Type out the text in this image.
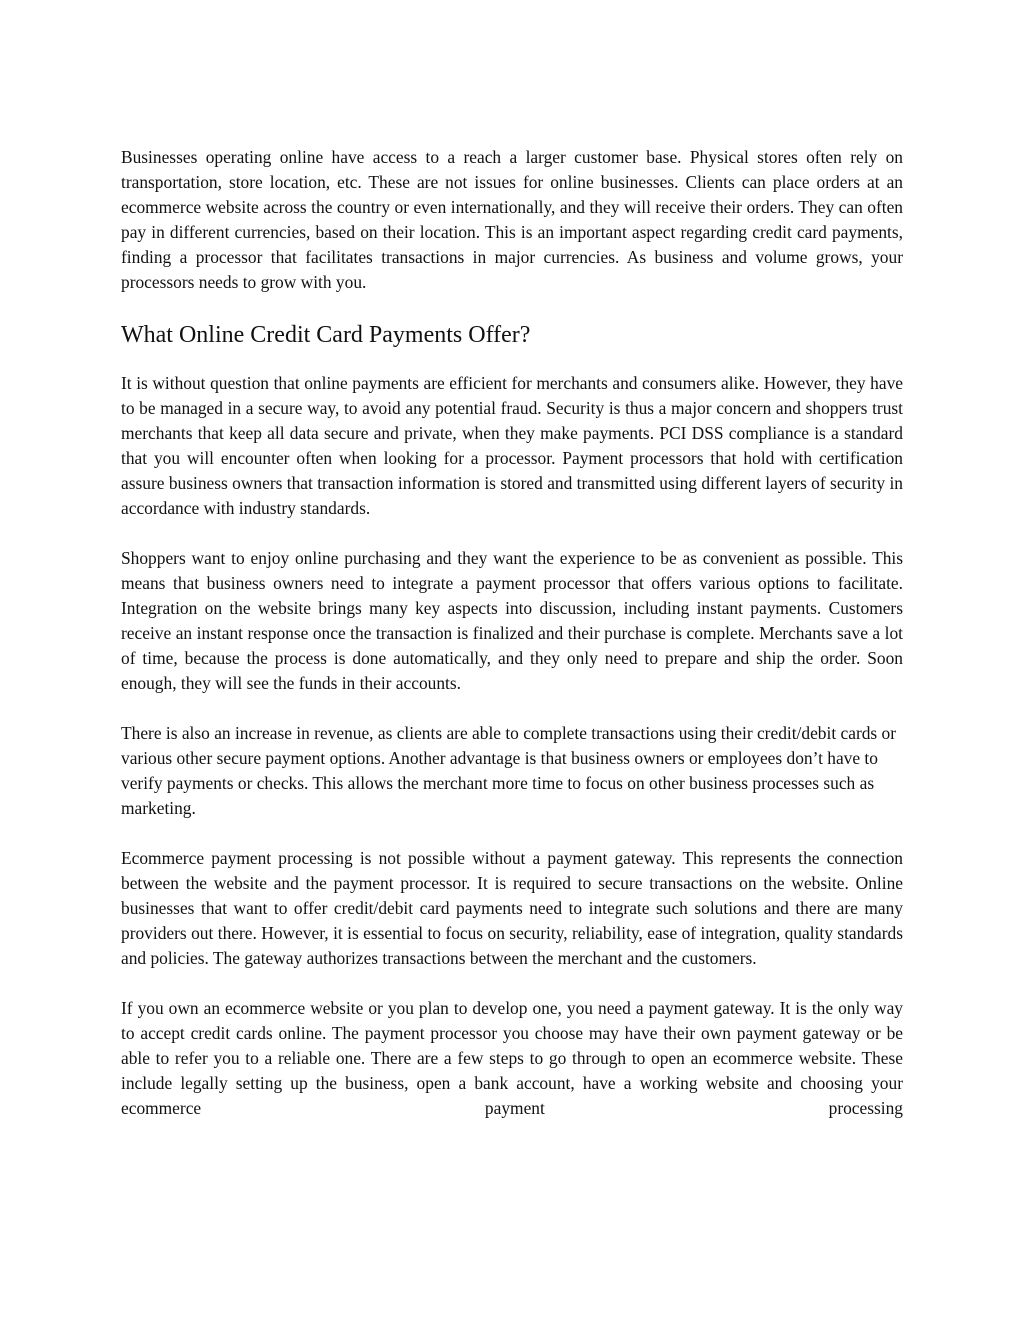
Businesses operating online have access to a reach a larger customer base. Physical stores often rely on transportation, store location, etc. These are not issues for online businesses. Clients can place orders at an ecommerce website across the country or even internationally, and they will receive their orders. They can often pay in different currencies, based on their location. This is an important aspect regarding credit card payments, finding a processor that facilitates transactions in major currencies. As business and volume grows, your processors needs to grow with you.

What Online Credit Card Payments Offer?

It is without question that online payments are efficient for merchants and consumers alike. However, they have to be managed in a secure way, to avoid any potential fraud. Security is thus a major concern and shoppers trust merchants that keep all data secure and private, when they make payments. PCI DSS compliance is a standard that you will encounter often when looking for a processor. Payment processors that hold with certification assure business owners that transaction information is stored and transmitted using different layers of security in accordance with industry standards.

Shoppers want to enjoy online purchasing and they want the experience to be as convenient as possible. This means that business owners need to integrate a payment processor that offers various options to facilitate. Integration on the website brings many key aspects into discussion, including instant payments. Customers receive an instant response once the transaction is finalized and their purchase is complete. Merchants save a lot of time, because the process is done automatically, and they only need to prepare and ship the order. Soon enough, they will see the funds in their accounts.

There is also an increase in revenue, as clients are able to complete transactions using their credit/debit cards or various other secure payment options. Another advantage is that business owners or employees don’t have to verify payments or checks. This allows the merchant more time to focus on other business processes such as marketing.

Ecommerce payment processing is not possible without a payment gateway. This represents the connection between the website and the payment processor. It is required to secure transactions on the website. Online businesses that want to offer credit/debit card payments need to integrate such solutions and there are many providers out there. However, it is essential to focus on security, reliability, ease of integration, quality standards and policies. The gateway authorizes transactions between the merchant and the customers.

If you own an ecommerce website or you plan to develop one, you need a payment gateway. It is the only way to accept credit cards online. The payment processor you choose may have their own payment gateway or be able to refer you to a reliable one. There are a few steps to go through to open an ecommerce website. These include legally setting up the business, open a bank account, have a working website and choosing your ecommerce payment processing
